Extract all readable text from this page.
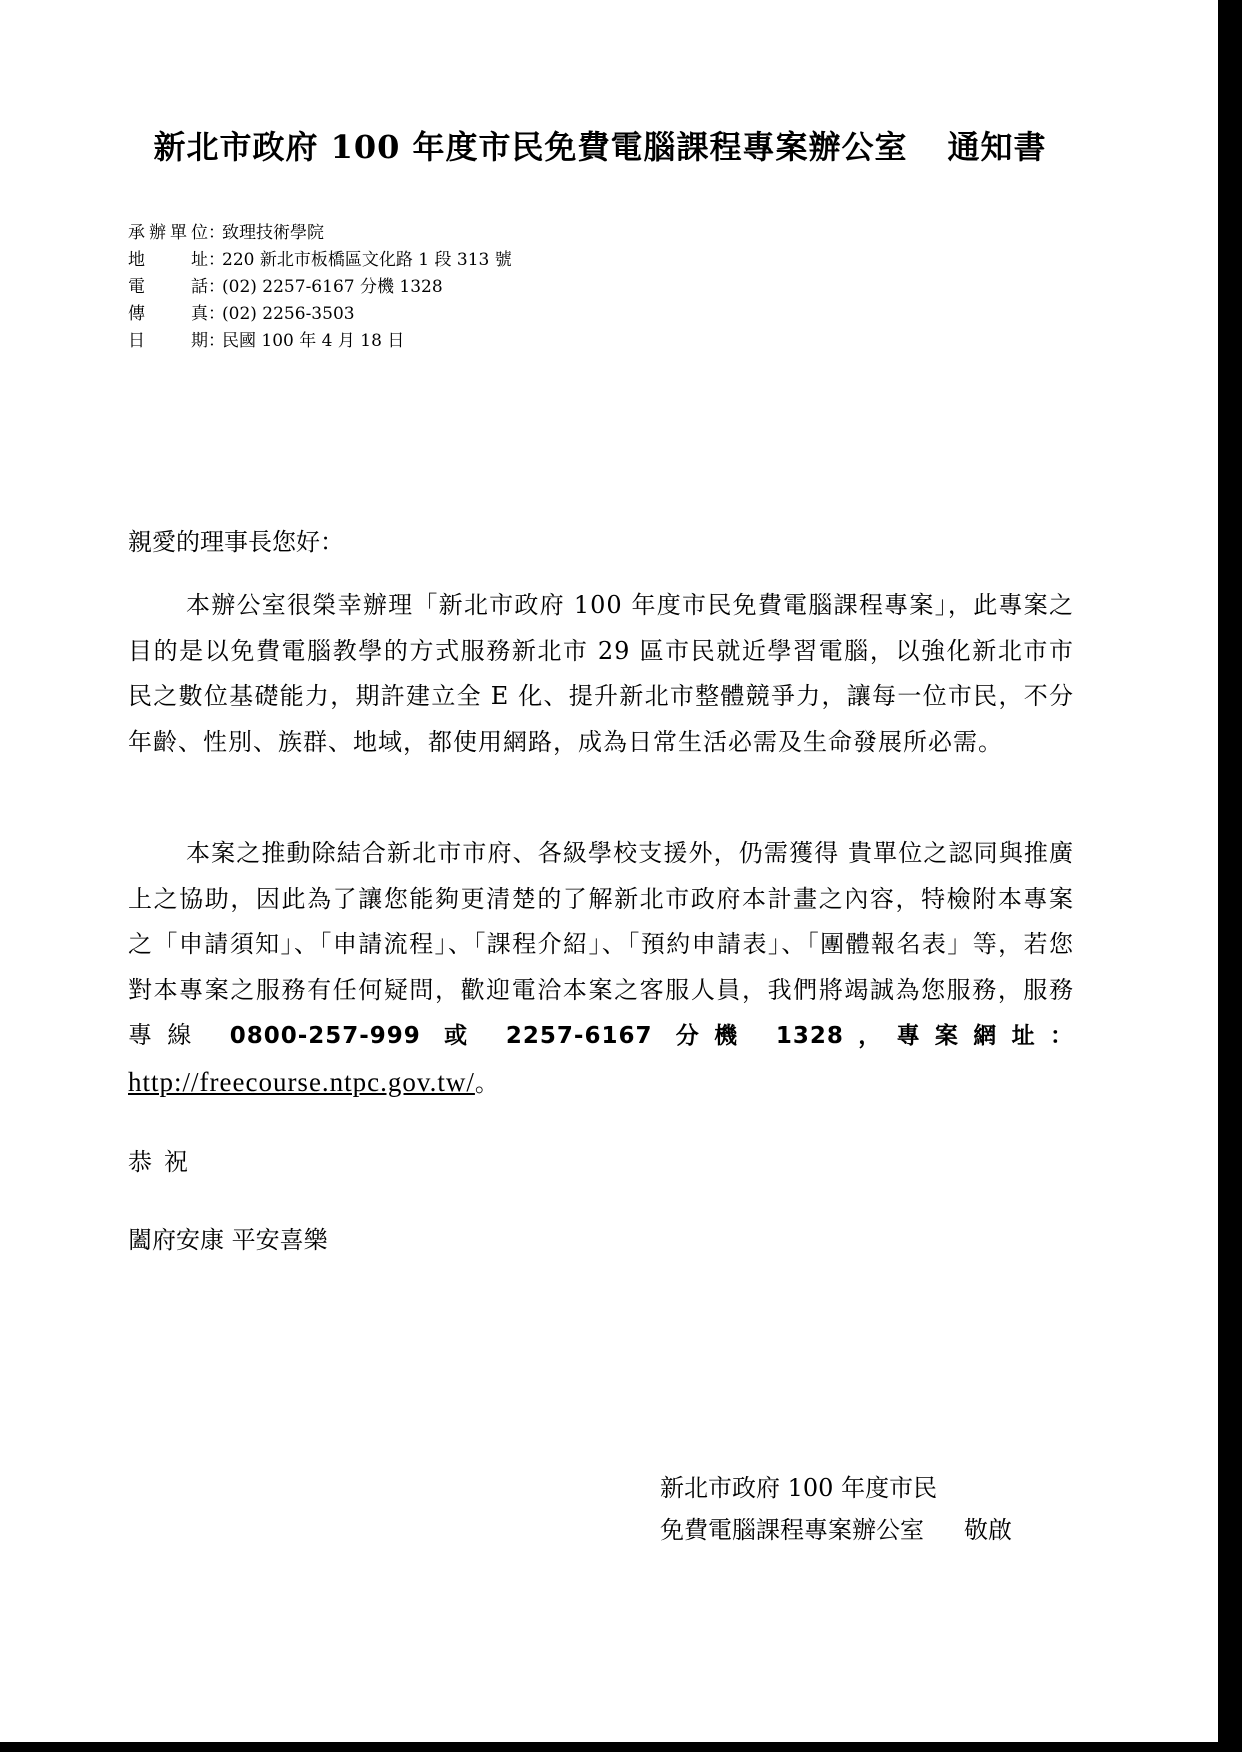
新北市政府 100 年度市民免費電腦課程專案辦公室 通知書
承辦單位：致理技術學院
地址：220 新北市板橋區文化路 1 段 313 號
電話：(02) 2257-6167 分機 1328
傳真：(02) 2256-3503
日期：民國 100 年 4 月 18 日
親愛的理事長您好：
本辦公室很榮幸辦理「新北市政府 100 年度市民免費電腦課程專案」，此專案之目的是以免費電腦教學的方式服務新北市 29 區市民就近學習電腦，以強化新北市市民之數位基礎能力，期許建立全 E 化、提升新北市整體競爭力，讓每一位市民，不分年齡、性別、族群、地域，都使用網路，成為日常生活必需及生命發展所必需。
本案之推動除結合新北市市府、各級學校支援外，仍需獲得 貴單位之認同與推廣上之協助，因此為了讓您能夠更清楚的了解新北市政府本計畫之內容，特檢附本專案之「申請須知」、「申請流程」、「課程介紹」、「預約申請表」、「團體報名表」等，若您對本專案之服務有任何疑問，歡迎電洽本案之客服人員，我們將竭誠為您服務，服務專線 0800-257-999 或 2257-6167 分機 1328，專案網址：http://freecourse.ntpc.gov.tw/。
恭祝
闔府安康 平安喜樂
新北市政府 100 年度市民
免費電腦課程專案辦公室 敬啟
